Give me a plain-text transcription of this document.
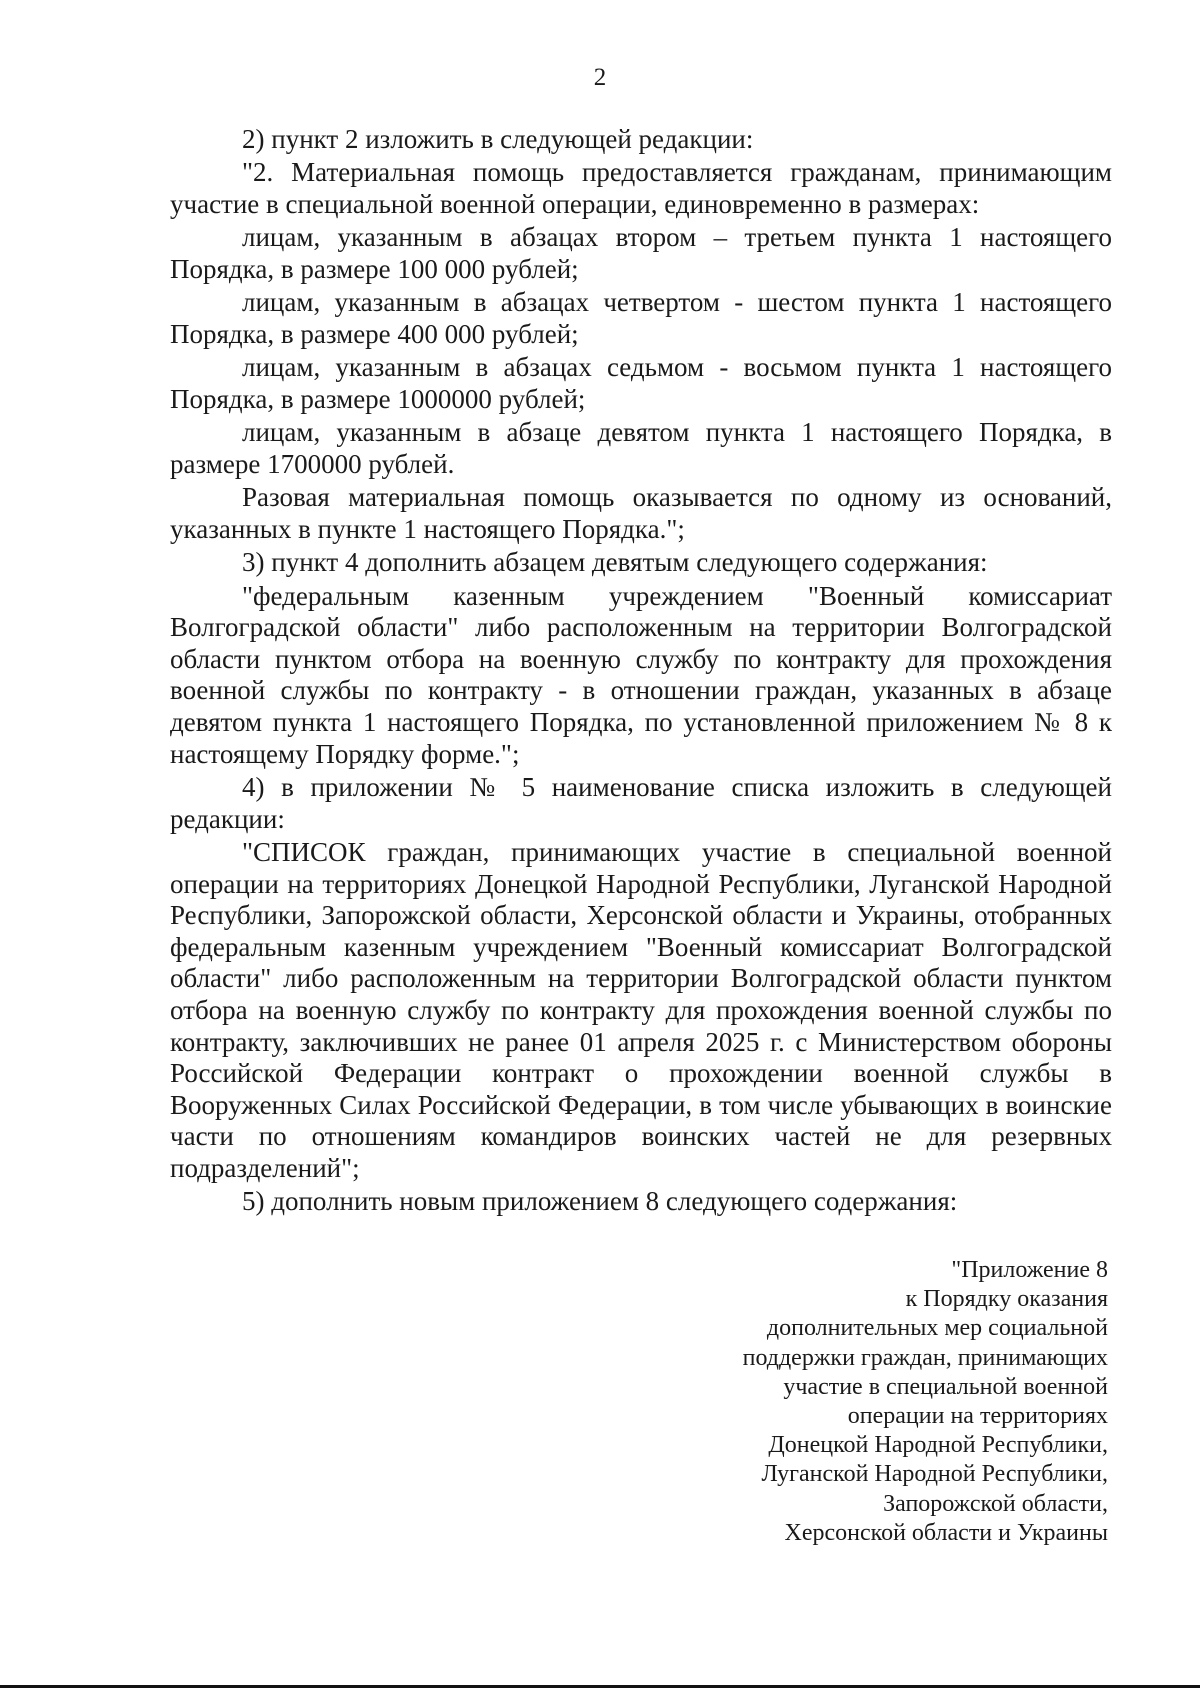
2

2) пункт 2 изложить в следующей редакции:

"2. Материальная помощь предоставляется гражданам, принимающим участие в специальной военной операции, единовременно в размерах:

лицам, указанным в абзацах втором – третьем пункта 1 настоящего Порядка, в размере 100 000 рублей;

лицам, указанным в абзацах четвертом - шестом пункта 1 настоящего Порядка, в размере 400 000 рублей;

лицам, указанным в абзацах седьмом - восьмом пункта 1 настоящего Порядка, в размере 1000000 рублей;

лицам, указанным в абзаце девятом пункта 1 настоящего Порядка, в размере 1700000 рублей.

Разовая материальная помощь оказывается по одному из оснований, указанных в пункте 1 настоящего Порядка.";

3) пункт 4 дополнить абзацем девятым следующего содержания:

"федеральным казенным учреждением "Военный комиссариат Волгоградской области" либо расположенным на территории Волгоградской области пунктом отбора на военную службу по контракту для прохождения военной службы по контракту - в отношении граждан, указанных в абзаце девятом пункта 1 настоящего Порядка, по установленной приложением № 8 к настоящему Порядку форме.";

4) в приложении № 5 наименование списка изложить в следующей редакции:

"СПИСОК граждан, принимающих участие в специальной военной операции на территориях Донецкой Народной Республики, Луганской Народной Республики, Запорожской области, Херсонской области и Украины, отобранных федеральным казенным учреждением "Военный комиссариат Волгоградской области" либо расположенным на территории Волгоградской области пунктом отбора на военную службу по контракту для прохождения военной службы по контракту, заключивших не ранее 01 апреля 2025 г. с Министерством обороны Российской Федерации контракт о прохождении военной службы в Вооруженных Силах Российской Федерации, в том числе убывающих в воинские части по отношениям командиров воинских частей не для резервных подразделений";

5) дополнить новым приложением 8 следующего содержания:

"Приложение 8
к Порядку оказания
дополнительных мер социальной
поддержки граждан, принимающих
участие в специальной военной
операции на территориях
Донецкой Народной Республики,
Луганской Народной Республики,
Запорожской области,
Херсонской области и Украины
